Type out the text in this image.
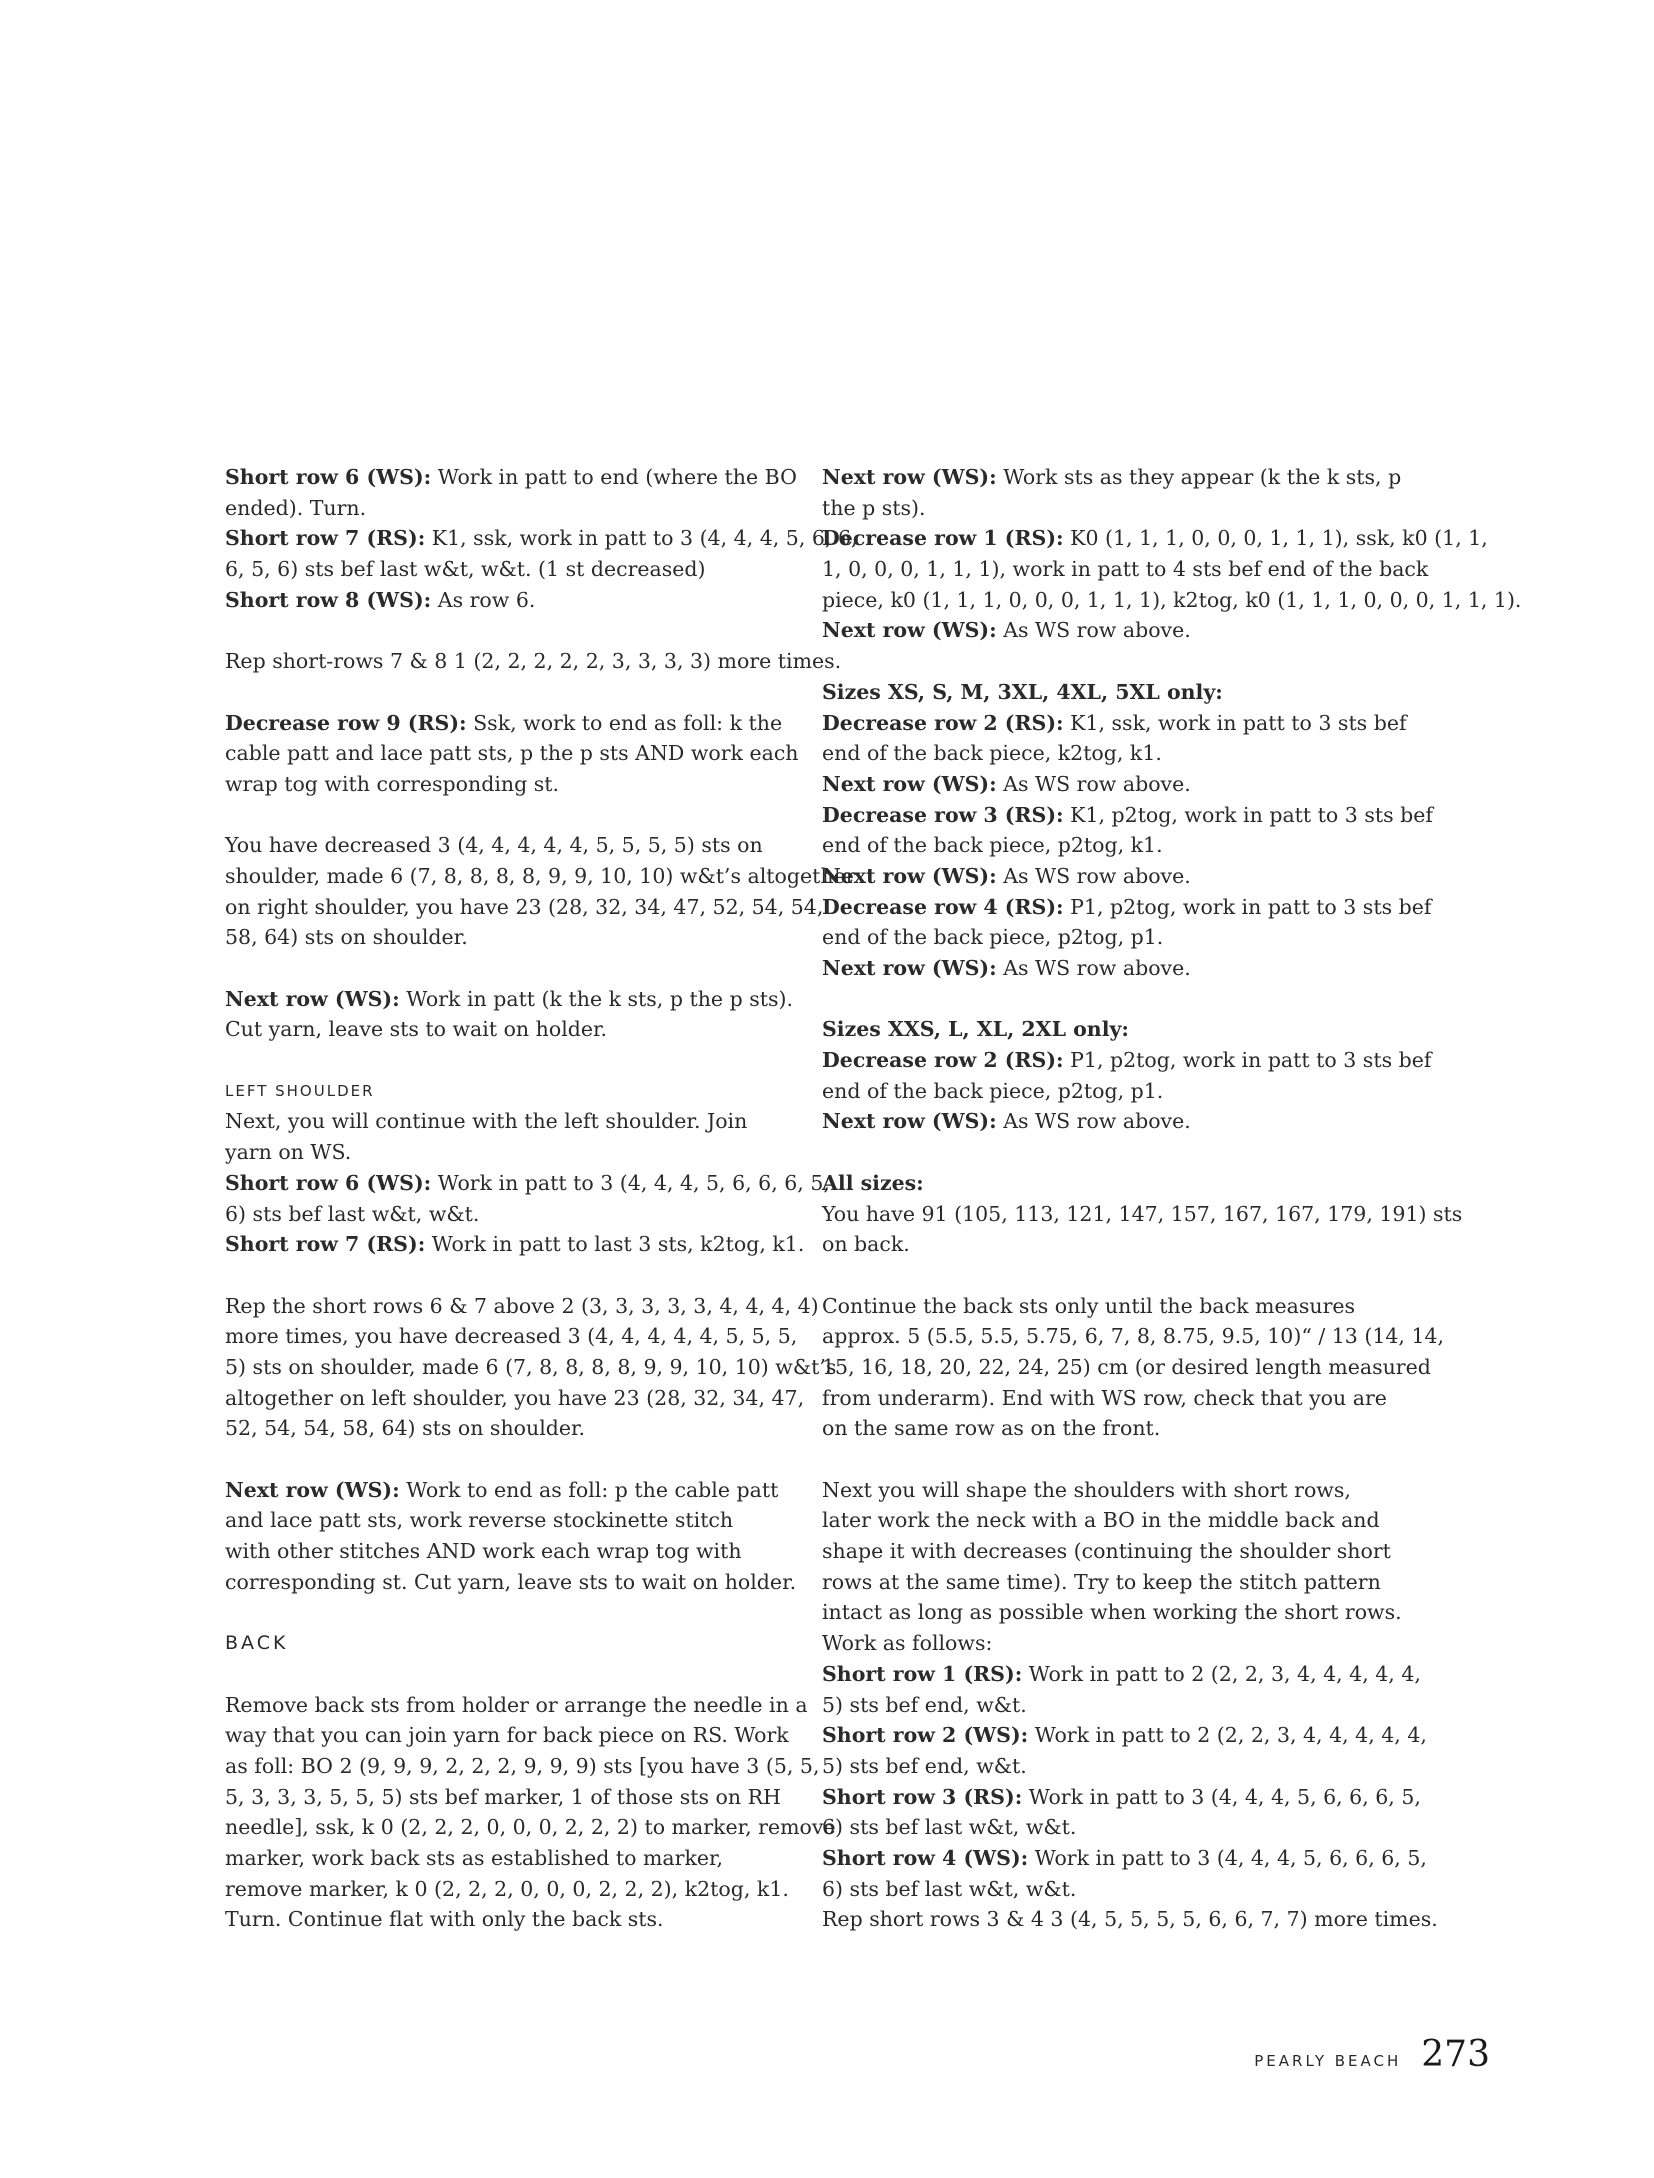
Short row 6 (WS): Work in patt to end (where the BO
ended). Turn.
Short row 7 (RS): K1, ssk, work in patt to 3 (4, 4, 4, 5, 6, 6,
6, 5, 6) sts bef last w&t, w&t. (1 st decreased)
Short row 8 (WS): As row 6.
Rep short-rows 7 & 8 1 (2, 2, 2, 2, 2, 3, 3, 3, 3) more times.
Decrease row 9 (RS): Ssk, work to end as foll: k the
cable patt and lace patt sts, p the p sts AND work each
wrap tog with corresponding st.
You have decreased 3 (4, 4, 4, 4, 4, 5, 5, 5, 5) sts on
shoulder, made 6 (7, 8, 8, 8, 8, 9, 9, 10, 10) w&t’s altogether
on right shoulder, you have 23 (28, 32, 34, 47, 52, 54, 54,
58, 64) sts on shoulder.
Next row (WS): Work in patt (k the k sts, p the p sts).
Cut yarn, leave sts to wait on holder.
LEFT SHOULDER
Next, you will continue with the left shoulder. Join
yarn on WS.
Short row 6 (WS): Work in patt to 3 (4, 4, 4, 5, 6, 6, 6, 5,
6) sts bef last w&t, w&t.
Short row 7 (RS): Work in patt to last 3 sts, k2tog, k1.
Rep the short rows 6 & 7 above 2 (3, 3, 3, 3, 3, 4, 4, 4, 4)
more times, you have decreased 3 (4, 4, 4, 4, 4, 5, 5, 5,
5) sts on shoulder, made 6 (7, 8, 8, 8, 8, 9, 9, 10, 10) w&t’s
altogether on left shoulder, you have 23 (28, 32, 34, 47,
52, 54, 54, 58, 64) sts on shoulder.
Next row (WS): Work to end as foll: p the cable patt
and lace patt sts, work reverse stockinette stitch
with other stitches AND work each wrap tog with
corresponding st. Cut yarn, leave sts to wait on holder.
BACK
Remove back sts from holder or arrange the needle in a
way that you can join yarn for back piece on RS. Work
as foll: BO 2 (9, 9, 9, 2, 2, 2, 9, 9, 9) sts [you have 3 (5, 5,
5, 3, 3, 3, 5, 5, 5) sts bef marker, 1 of those sts on RH
needle], ssk, k 0 (2, 2, 2, 0, 0, 0, 2, 2, 2) to marker, remove
marker, work back sts as established to marker,
remove marker, k 0 (2, 2, 2, 0, 0, 0, 2, 2, 2), k2tog, k1.
Turn. Continue flat with only the back sts.
Next row (WS): Work sts as they appear (k the k sts, p
the p sts).
Decrease row 1 (RS): K0 (1, 1, 1, 0, 0, 0, 1, 1, 1), ssk, k0 (1, 1,
1, 0, 0, 0, 1, 1, 1), work in patt to 4 sts bef end of the back
piece, k0 (1, 1, 1, 0, 0, 0, 1, 1, 1), k2tog, k0 (1, 1, 1, 0, 0, 0, 1, 1, 1).
Next row (WS): As WS row above.
Sizes XS, S, M, 3XL, 4XL, 5XL only:
Decrease row 2 (RS): K1, ssk, work in patt to 3 sts bef
end of the back piece, k2tog, k1.
Next row (WS): As WS row above.
Decrease row 3 (RS): K1, p2tog, work in patt to 3 sts bef
end of the back piece, p2tog, k1.
Next row (WS): As WS row above.
Decrease row 4 (RS): P1, p2tog, work in patt to 3 sts bef
end of the back piece, p2tog, p1.
Next row (WS): As WS row above.
Sizes XXS, L, XL, 2XL only:
Decrease row 2 (RS): P1, p2tog, work in patt to 3 sts bef
end of the back piece, p2tog, p1.
Next row (WS): As WS row above.
All sizes:
You have 91 (105, 113, 121, 147, 157, 167, 167, 179, 191) sts
on back.
Continue the back sts only until the back measures
approx. 5 (5.5, 5.5, 5.75, 6, 7, 8, 8.75, 9.5, 10)“ / 13 (14, 14,
15, 16, 18, 20, 22, 24, 25) cm (or desired length measured
from underarm). End with WS row, check that you are
on the same row as on the front.
Next you will shape the shoulders with short rows,
later work the neck with a BO in the middle back and
shape it with decreases (continuing the shoulder short
rows at the same time). Try to keep the stitch pattern
intact as long as possible when working the short rows.
Work as follows:
Short row 1 (RS): Work in patt to 2 (2, 2, 3, 4, 4, 4, 4, 4,
5) sts bef end, w&t.
Short row 2 (WS): Work in patt to 2 (2, 2, 3, 4, 4, 4, 4, 4,
5) sts bef end, w&t.
Short row 3 (RS): Work in patt to 3 (4, 4, 4, 5, 6, 6, 6, 5,
6) sts bef last w&t, w&t.
Short row 4 (WS): Work in patt to 3 (4, 4, 4, 5, 6, 6, 6, 5,
6) sts bef last w&t, w&t.
Rep short rows 3 & 4 3 (4, 5, 5, 5, 5, 6, 6, 7, 7) more times.
PEARLY BEACH 273
